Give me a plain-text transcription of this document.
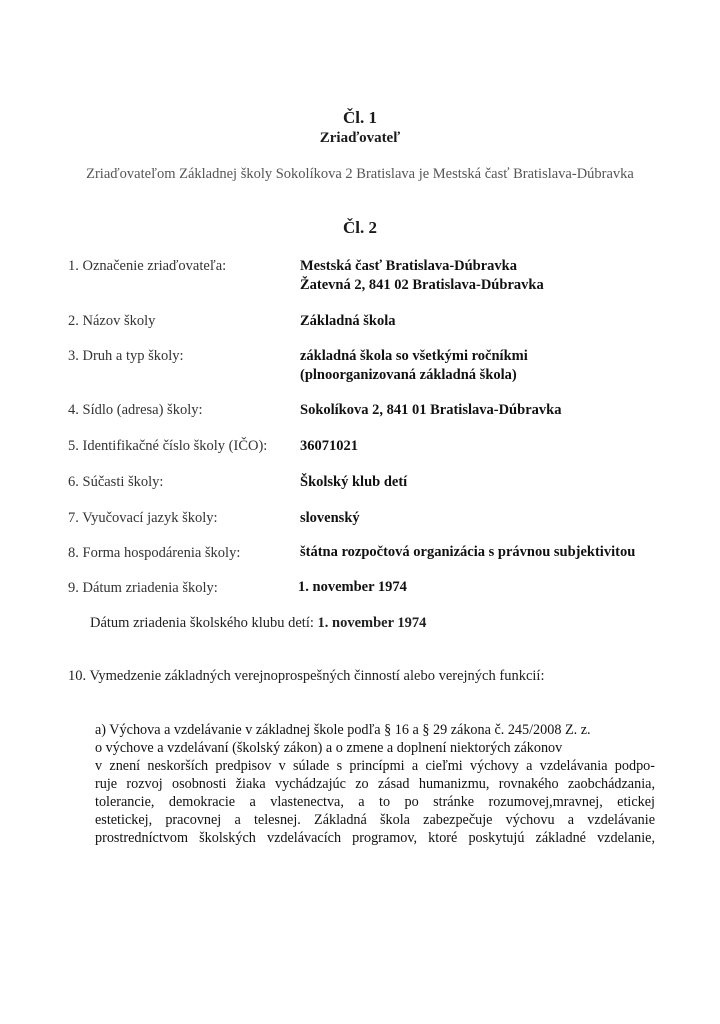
Čl. 1
Zriaďovateľ
Zriaďovateľom Základnej školy Sokolíkova 2 Bratislava je Mestská časť Bratislava-Dúbravka
Čl. 2
1. Označenie zriaďovateľa:	Mestská časť Bratislava-Dúbravka
Žatevná 2, 841 02 Bratislava-Dúbravka
2. Názov školy	Základná škola
3. Druh a typ školy:	základná škola so všetkými ročníkmi
(plnoorganizovaná základná škola)
4. Sídlo (adresa) školy:	Sokolíkova 2, 841 01 Bratislava-Dúbravka
5. Identifikačné číslo školy (IČO): 36071021
6. Súčasti školy:	Školský klub detí
7. Vyučovací jazyk školy:	slovenský
8. Forma hospodárenia školy:	štátna rozpočtová organizácia s právnou subjektivitou
9. Dátum zriadenia školy:	1. november 1974
Dátum zriadenia školského klubu detí: 1. november 1974
10. Vymedzenie základných verejnoprospešných činností alebo verejných funkcií:
a) Výchova a vzdelávanie v základnej škole podľa § 16 a § 29 zákona č. 245/2008 Z. z.
o výchove a vzdelávaní (školský zákon) a o zmene a doplnení niektorých zákonov
v znení neskorších predpisov v súlade s princípmi a cieľmi výchovy a vzdelávania podpo-
ruje rozvoj osobnosti žiaka vychádzajúc zo zásad humanizmu, rovnakého zaobchádzania,
tolerancie, demokracie a vlastenectva, a to po stránke rozumovej,mravnej, etickej
estetickej, pracovnej a telesnej. Základná škola zabezpečuje výchovu a vzdelávanie
prostredníctvom školských vzdelávacích programov, ktoré poskytujú základné vzdelanie,
